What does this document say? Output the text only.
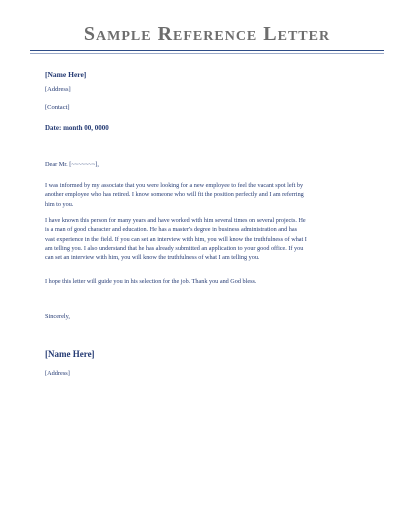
Sample Reference Letter
[Name Here]
[Address]
[Contact]
Date: month 00, 0000
Dear Mr. [~~~~~~~],
I was informed by my associate that you were looking for a new employee to feel the vacant spot left by
another employee who has retired. I know someone who will fit the position perfectly and I am referring
him to you.
I have known this person for many years and have worked with him several times on several projects. He
is a man of good character and education. He has a master's degree in business administration and has
vast experience in the field. If you can set an interview with him, you will know the truthfulness of what I
am telling you. I also understand that he has already submitted an application to your good office. If you
can set an interview with him, you will know the truthfulness of what I am telling you.
I hope this letter will guide you in his selection for the job. Thank you and God bless.
Sincerely,
[Name Here]
[Address]
